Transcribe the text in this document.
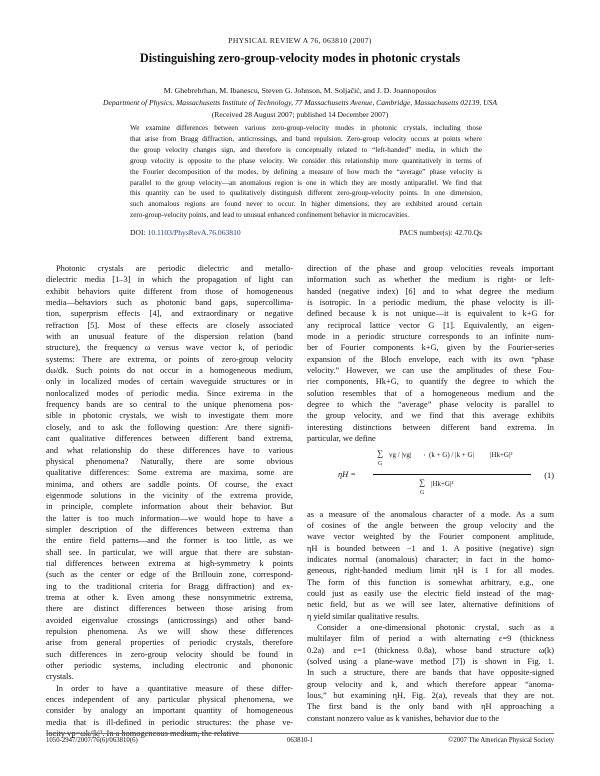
PHYSICAL REVIEW A 76, 063810 (2007)
Distinguishing zero-group-velocity modes in photonic crystals
M. Ghebrebrhan, M. Ibanescu, Steven G. Johnson, M. Soljačić, and J. D. Joannopoulos
Department of Physics, Massachusetts Institute of Technology, 77 Massachusetts Avenue, Cambridge, Massachusetts 02139, USA
(Received 28 August 2007; published 14 December 2007)
We examine differences between various zero-group-velocity modes in photonic crystals, including those
that arise from Bragg diffraction, anticrossings, and band repulsion. Zero-group velocity occurs at points where
the group velocity changes sign, and therefore is conceptually related to “left-handed” media, in which the
group velocity is opposite to the phase velocity. We consider this relationship more quantitatively in terms of
the Fourier decomposition of the modes, by defining a measure of how much the “average” phase velocity is
parallel to the group velocity—an anomalous region is one in which they are mostly antiparallel. We find that
this quantity can be used to qualitatively distinguish different zero-group-velocity points. In one dimension,
such anomalous regions are found never to occur. In higher dimensions, they are exhibited around certain
zero-group-velocity points, and lead to unusual enhanced confinement behavior in microcavities.
DOI: 10.1103/PhysRevA.76.063810	PACS number(s): 42.70.Qs
Photonic crystals are periodic dielectric and metallo-
dielectric media [1–3] in which the propagation of light can
exhibit behaviors quite different from those of homogeneous
media—behaviors such as photonic band gaps, supercollima-
tion, superprism effects [4], and extraordinary or negative
refraction [5]. Most of these effects are closely associated
with an unusual feature of the dispersion relation (band
structure), the frequency ω versus wave vector k, of periodic
systems: There are extrema, or points of zero-group velocity
dω/dk. Such points do not occur in a homogeneous medium,
only in localized modes of certain waveguide structures or in
nonlocalized modes of periodic media. Since extrema in the
frequency bands are so central to the unique phenomena pos-
sible in photonic crystals, we wish to investigate them more
closely, and to ask the following question: Are there signifi-
cant qualitative differences between different band extrema,
and what relationship do these differences have to various
physical phenomena? Naturally, there are some obvious
qualitative differences: Some extrema are maxima, some are
minima, and others are saddle points. Of course, the exact
eigenmode solutions in the vicinity of the extrema provide,
in principle, complete information about their behavior. But
the latter is too much information—we would hope to have a
simpler description of the differences between extrema than
the entire field patterns—and the former is too little, as we
shall see. In particular, we will argue that there are substan-
tial differences between extrema at high-symmetry k points
(such as the center or edge of the Brillouin zone, correspond-
ing to the traditional criteria for Bragg diffraction) and ex-
trema at other k. Even among these nonsymmetric extrema,
there are distinct differences between those arising from
avoided eigenvalue crossings (anticrossings) and other band-
repulsion phenomena. As we will show these differences
arise from general properties of periodic crystals, therefore
such differences in zero-group velocity should be found in
other periodic systems, including electronic and phononic
crystals.
In order to have a quantitative measure of these differ-
ences independent of any particular physical phenomena, we
consider by analogy an important quantity of homogeneous
media that is ill-defined in periodic structures: the phase ve-
locity vp=ωk/|k|². In a homogeneous medium, the relative
direction of the phase and group velocities reveals important
information such as whether the medium is right- or left-
handed (negative index) [6] and to what degree the medium
is isotropic. In a periodic medium, the phase velocity is ill-
defined because k is not unique—it is equivalent to k+G for
any reciprocal lattice vector G [1]. Equivalently, an eigen-
mode in a periodic structure corresponds to an infinite num-
ber of Fourier components k+G, given by the Fourier-series
expansion of the Bloch envelope, each with its own “phase
velocity.” However, we can use the amplitudes of these Fou-
rier components, Hk+G, to quantify the degree to which the
solution resembles that of a homogeneous medium and the
degree to which the “average” phase velocity is parallel to
the group velocity, and we find that this average exhibits
interesting distinctions between different band extrema. In
particular, we define
as a measure of the anomalous character of a mode. As a sum
of cosines of the angle between the group velocity and the
wave vector weighted by the Fourier component amplitude,
ηH is bounded between −1 and 1. A positive (negative) sign
indicates normal (anomalous) character; in fact in the homo-
geneous, right-handed medium limit ηH is 1 for all modes.
The form of this function is somewhat arbitrary, e.g., one
could just as easily use the electric field instead of the mag-
netic field, but as we will see later, alternative definitions of
η yield similar qualitative results.
Consider a one-dimensional photonic crystal, such as a
multilayer film of period a with alternating ε=9 (thickness
0.2a) and ε=1 (thickness 0.8a), whose band structure ω(k)
(solved using a plane-wave method [7]) is shown in Fig. 1.
In such a structure, there are bands that have opposite-signed
group velocity and k, and which therefore appear “anoma-
lous,” but examining ηH, Fig. 2(a), reveals that they are not.
The first band is the only band with ηH approaching a
constant nonzero value as k vanishes, behavior due to the
ηH =
∑
G
vg / |vg| · (k + G) / |k + G| |Hk+G|²
∑
G
|Hk+G|²
(1)
1050-2947/2007/76(6)/063810(6)	063810-1	©2007 The American Physical Society
